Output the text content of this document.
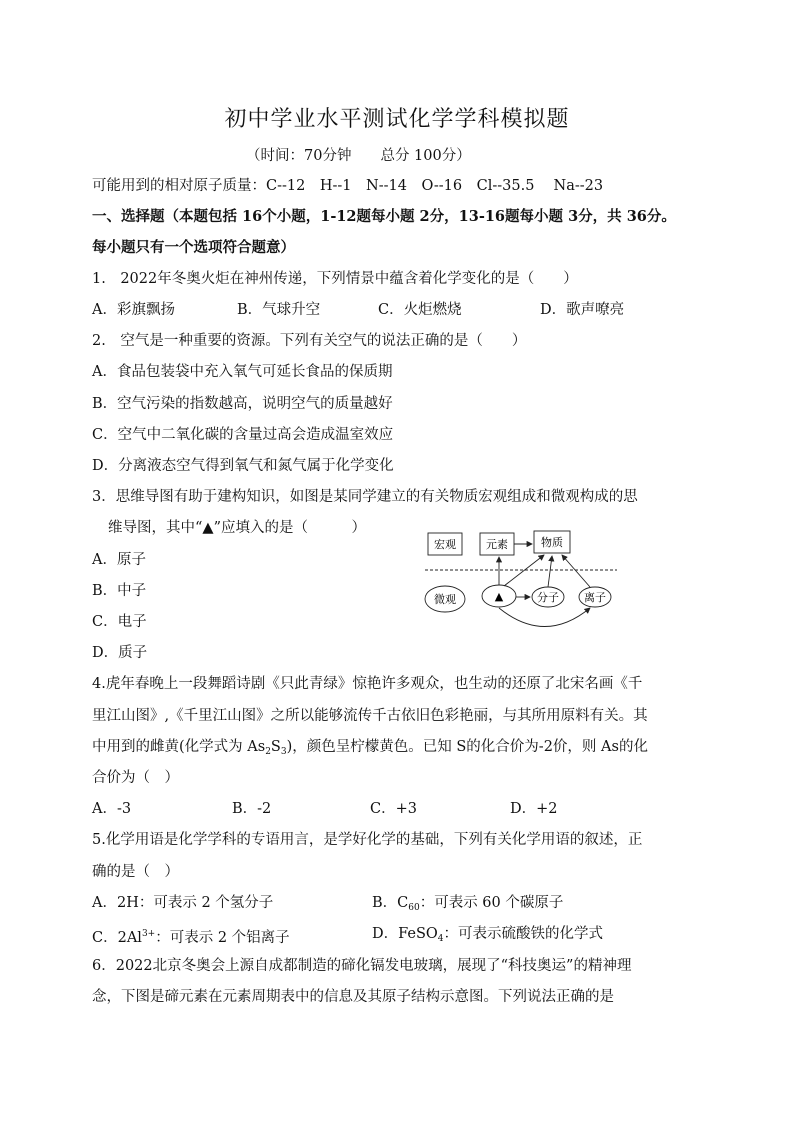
初中学业水平测试化学学科模拟题
（时间：70分钟　　总分 100分）
可能用到的相对原子质量：C--12　H--1　N--14　O--16　Cl--35.5　 Na--23
一、选择题（本题包括 16个小题，1-12题每小题 2分，13-16题每小题 3分，共 36分。
每小题只有一个选项符合题意）
1.　2022年冬奥火炬在神州传递，下列情景中蕴含着化学变化的是（　　）
A．彩旗飘扬	B．气球升空	C．火炬燃烧	D．歌声嘹亮
2.　空气是一种重要的资源。下列有关空气的说法正确的是（　　）
A．食品包装袋中充入氧气可延长食品的保质期
B．空气污染的指数越高，说明空气的质量越好
C．空气中二氧化碳的含量过高会造成温室效应
D．分离液态空气得到氧气和氮气属于化学变化
3．思维导图有助于建构知识，如图是某同学建立的有关物质宏观组成和微观构成的思
维导图，其中“▲”应填入的是（　　　）
A．原子
B．中子
C．电子
D．质子
宏观	元素	物质
微观	▲	分子 离子
4.虎年春晚上一段舞蹈诗剧《只此青绿》惊艳许多观众，也生动的还原了北宋名画《千
里江山图》,《千里江山图》之所以能够流传千古依旧色彩艳丽，与其所用原料有关。其
中用到的雌黄(化学式为 $As_2S_3$)，颜色呈柠檬黄色。已知 S的化合价为-2价，则 As的化
合价为（　）
A．-3	B．-2	C．+3	D．+2
5.化学用语是化学学科的专语用言，是学好化学的基础，下列有关化学用语的叙述，正
确的是（　）
A．2H：可表示 2 个氢分子	B．$C_{60}$：可表示 60 个碳原子
C．$2Al^{3+}$：可表示 2 个铝离子	D．FeSO$_4$：可表示硫酸铁的化学式
6．2022北京冬奥会上源自成都制造的碲化镉发电玻璃，展现了“科技奥运”的精神理
念，下图是碲元素在元素周期表中的信息及其原子结构示意图。下列说法正确的是
